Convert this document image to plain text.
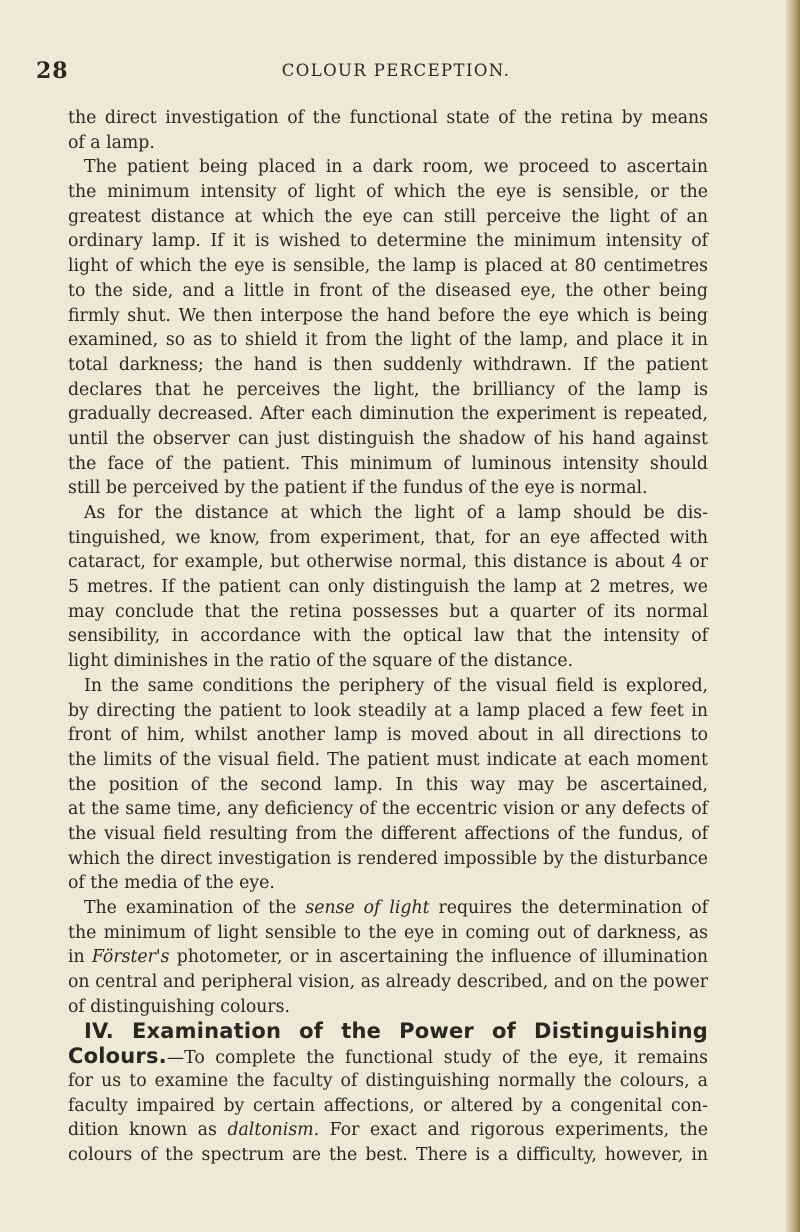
28	COLOUR PERCEPTION.
the direct investigation of the functional state of the retina by means
of a lamp.
The patient being placed in a dark room, we proceed to ascertain
the minimum intensity of light of which the eye is sensible, or the
greatest distance at which the eye can still perceive the light of an
ordinary lamp. If it is wished to determine the minimum intensity of
light of which the eye is sensible, the lamp is placed at 80 centimetres
to the side, and a little in front of the diseased eye, the other being
firmly shut. We then interpose the hand before the eye which is being
examined, so as to shield it from the light of the lamp, and place it in
total darkness; the hand is then suddenly withdrawn. If the patient
declares that he perceives the light, the brilliancy of the lamp is
gradually decreased. After each diminution the experiment is repeated,
until the observer can just distinguish the shadow of his hand against
the face of the patient. This minimum of luminous intensity should
still be perceived by the patient if the fundus of the eye is normal.
As for the distance at which the light of a lamp should be dis-
tinguished, we know, from experiment, that, for an eye affected with
cataract, for example, but otherwise normal, this distance is about 4 or
5 metres. If the patient can only distinguish the lamp at 2 metres, we
may conclude that the retina possesses but a quarter of its normal
sensibility, in accordance with the optical law that the intensity of
light diminishes in the ratio of the square of the distance.
In the same conditions the periphery of the visual field is explored,
by directing the patient to look steadily at a lamp placed a few feet in
front of him, whilst another lamp is moved about in all directions to
the limits of the visual field. The patient must indicate at each moment
the position of the second lamp. In this way may be ascertained,
at the same time, any deficiency of the eccentric vision or any defects of
the visual field resulting from the different affections of the fundus, of
which the direct investigation is rendered impossible by the disturbance
of the media of the eye.
The examination of the sense of light requires the determination of
the minimum of light sensible to the eye in coming out of darkness, as
in Förster's photometer, or in ascertaining the influence of illumination
on central and peripheral vision, as already described, and on the power
of distinguishing colours.
IV. Examination of the Power of Distinguishing
Colours.—To complete the functional study of the eye, it remains
for us to examine the faculty of distinguishing normally the colours, a
faculty impaired by certain affections, or altered by a congenital con-
dition known as daltonism. For exact and rigorous experiments, the
colours of the spectrum are the best. There is a difficulty, however, in
